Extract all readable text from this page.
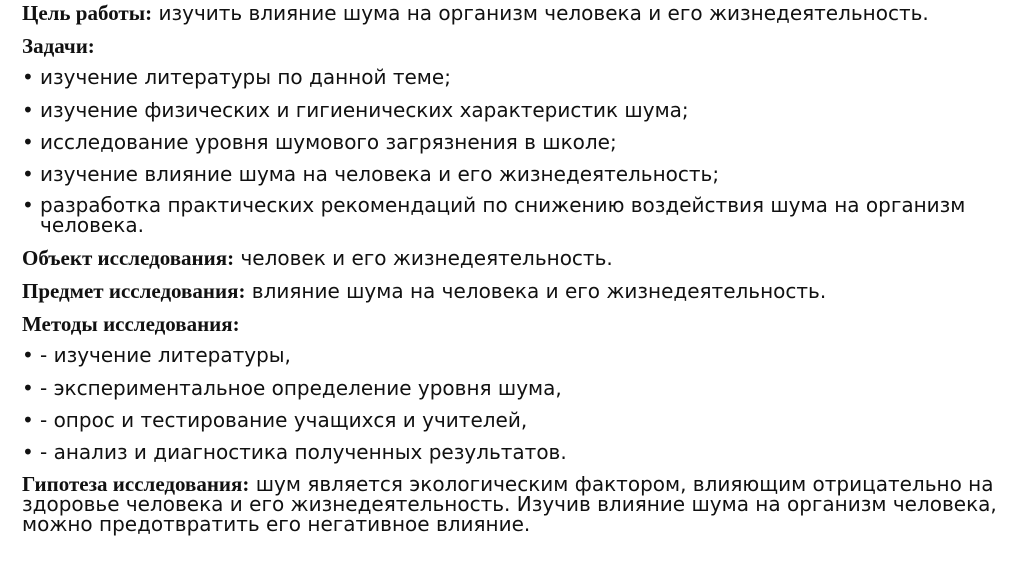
Цель работы: изучить влияние шума на организм человека и его жизнедеятельность.
Задачи:
• изучение литературы по данной теме;
• изучение физических и гигиенических характеристик шума;
• исследование уровня шумового загрязнения в школе;
• изучение влияние шума на человека и его жизнедеятельность;
• разработка практических рекомендаций по снижению воздействия шума на организм человека.
Объект исследования: человек и его жизнедеятельность.
Предмет исследования: влияние шума на человека и его жизнедеятельность.
Методы исследования:
• - изучение литературы,
• - экспериментальное определение уровня шума,
• - опрос и тестирование учащихся и учителей,
• - анализ и диагностика полученных результатов.
Гипотеза исследования: шум является экологическим фактором, влияющим отрицательно на здоровье человека и его жизнедеятельность. Изучив влияние шума на организм человека, можно предотвратить его негативное влияние.
